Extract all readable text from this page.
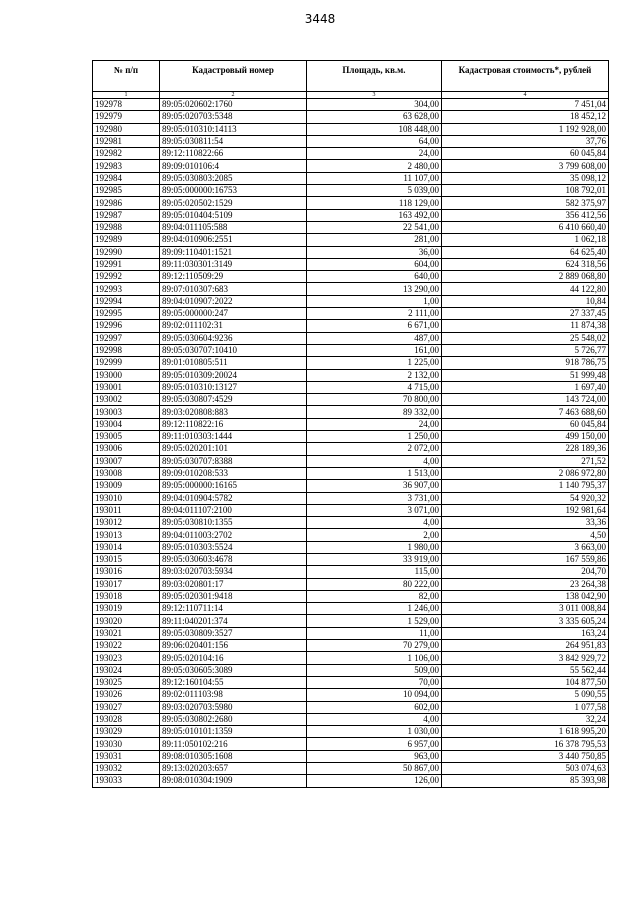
3448
№ п/п	Кадастровый номер	Площадь, кв.м.	Кадастровая стоимость*, рублей
1	2	3	4
192978	89:05:020602:1760	304,00	7 451,04
192979	89:05:020703:5348	63 628,00	18 452,12
192980	89:05:010310:14113	108 448,00	1 192 928,00
192981	89:05:030811:54	64,00	37,76
192982	89:12:110822:66	24,00	60 045,84
192983	89:09:010106:4	2 480,00	3 799 608,00
192984	89:05:030803:2085	11 107,00	35 098,12
192985	89:05:000000:16753	5 039,00	108 792,01
192986	89:05:020502:1529	118 129,00	582 375,97
192987	89:05:010404:5109	163 492,00	356 412,56
192988	89:04:011105:588	22 541,00	6 410 660,40
192989	89:04:010906:2551	281,00	1 062,18
192990	89:09:110401:1521	36,00	64 625,40
192991	89:11:030301:3149	604,00	624 318,56
192992	89:12:110509:29	640,00	2 889 068,80
192993	89:07:010307:683	13 290,00	44 122,80
192994	89:04:010907:2022	1,00	10,84
192995	89:05:000000:247	2 111,00	27 337,45
192996	89:02:011102:31	6 671,00	11 874,38
192997	89:05:030604:9236	487,00	25 548,02
192998	89:05:030707:10410	161,00	5 726,77
192999	89:01:010805:511	1 225,00	918 786,75
193000	89:05:010309:20024	2 132,00	51 999,48
193001	89:05:010310:13127	4 715,00	1 697,40
193002	89:05:030807:4529	70 800,00	143 724,00
193003	89:03:020808:883	89 332,00	7 463 688,60
193004	89:12:110822:16	24,00	60 045,84
193005	89:11:010303:1444	1 250,00	499 150,00
193006	89:05:020201:101	2 072,00	228 189,36
193007	89:05:030707:8388	4,00	271,52
193008	89:09:010208:533	1 513,00	2 086 972,80
193009	89:05:000000:16165	36 907,00	1 140 795,37
193010	89:04:010904:5782	3 731,00	54 920,32
193011	89:04:011107:2100	3 071,00	192 981,64
193012	89:05:030810:1355	4,00	33,36
193013	89:04:011003:2702	2,00	4,50
193014	89:05:010303:5524	1 980,00	3 663,00
193015	89:05:030603:4678	33 919,00	167 559,86
193016	89:03:020703:5934	115,00	204,70
193017	89:03:020801:17	80 222,00	23 264,38
193018	89:05:020301:9418	82,00	138 042,90
193019	89:12:110711:14	1 246,00	3 011 008,84
193020	89:11:040201:374	1 529,00	3 335 605,24
193021	89:05:030809:3527	11,00	163,24
193022	89:06:020401:156	70 279,00	264 951,83
193023	89:05:020104:16	1 106,00	3 842 929,72
193024	89:05:030605:3089	509,00	55 562,44
193025	89:12:160104:55	70,00	104 877,50
193026	89:02:011103:98	10 094,00	5 090,55
193027	89:03:020703:5980	602,00	1 077,58
193028	89:05:030802:2680	4,00	32,24
193029	89:05:010101:1359	1 030,00	1 618 995,20
193030	89:11:050102:216	6 957,00	16 378 795,53
193031	89:08:010305:1608	963,00	3 440 750,85
193032	89:13:020203:657	50 867,00	503 074,63
193033	89:08:010304:1909	126,00	85 393,98
